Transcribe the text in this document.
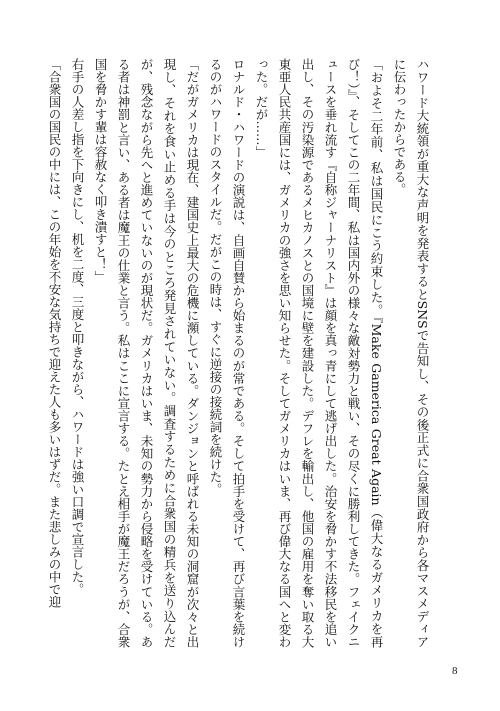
ハワード大統領が重大な声明を発表するとSNSで告知し、その後正式に合衆国政府から各マスメディアに伝わったからである。

「およそ二年前、私は国民にこう約束した。『Make Gamerica Great Again（偉大なるガメリカを再び！）』、そしてこの二年間、私は国内外の様々な敵対勢力と戦い、その尽くに勝利してきた。フェイクニュースを垂れ流す『自称ジャーナリスト』は顔を真っ青にして逃げ出した。治安を脅かす不法移民を追い出し、その汚染源であるメヒカノスとの国境に壁を建設した。デフレを輸出し、他国の雇用を奪い取る大東亜人民共産国には、ガメリカの強さを思い知らせた。そしてガメリカはいま、再び偉大なる国へと変わった。だが……」

ロナルド・ハワードの演説は、自画自賛から始まるのが常である。そして拍手を受けて、再び言葉を続けるのがハワードのスタイルだ。だがこの時は、すぐに逆接の接続詞を続けた。

「だがガメリカは現在、建国史上最大の危機に瀕している。ダンジョンと呼ばれる未知の洞窟が次々と出現し、それを食い止める手は今のところ発見されていない。調査するために合衆国の精兵を送り込んだが、残念ながら先へと進めていないのが現状だ。ガメリカはいま、未知の勢力から侵略を受けている。ある者は神罰と言い、ある者は魔王の仕業と言う。私はここに宣言する。たとえ相手が魔王だろうが、合衆国を脅かす輩は容赦なく叩き潰すと！」

右手の人差し指を下向きにし、机を二度、三度と叩きながら、ハワードは強い口調で宣言した。

「合衆国の国民の中には、この年始を不安な気持ちで迎えた人も多いはずだ。また悲しみの中で迎

8
